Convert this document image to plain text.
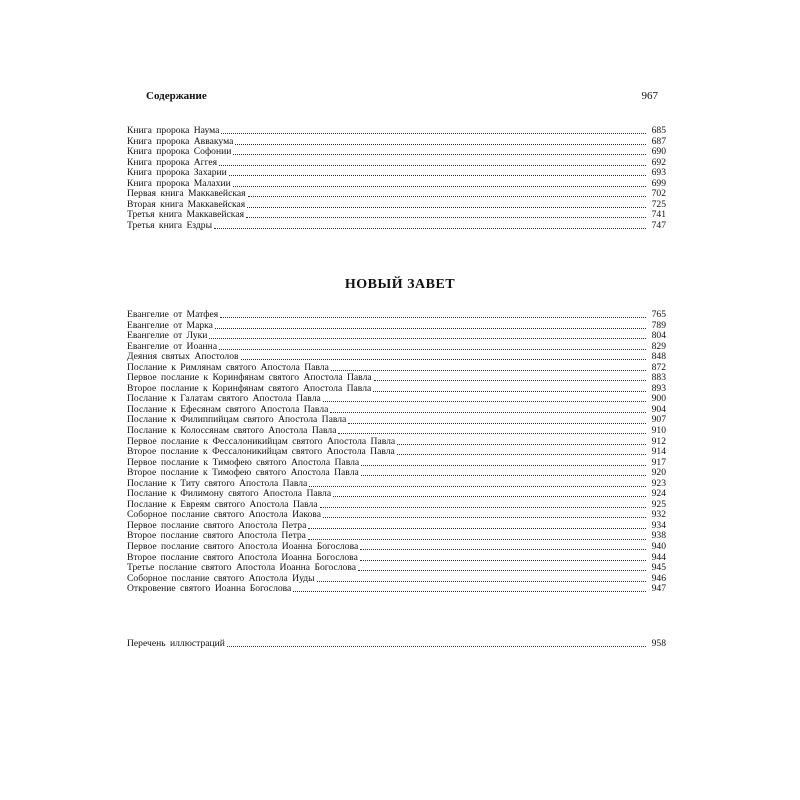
Содержание	967
Книга пророка Наума	685
Книга пророка Аввакума	687
Книга пророка Софонии	690
Книга пророка Аггея	692
Книга пророка Захарии	693
Книга пророка Малахии	699
Первая книга Маккавейская	702
Вторая книга Маккавейская	725
Третья книга Маккавейская	741
Третья книга Ездры	747
НОВЫЙ ЗАВЕТ
Евангелие от Матфея	765
Евангелие от Марка	789
Евангелие от Луки	804
Евангелие от Иоанна	829
Деяния святых Апостолов	848
Послание к Римлянам святого Апостола Павла	872
Первое послание к Коринфянам святого Апостола Павла	883
Второе послание к Коринфянам святого Апостола Павла	893
Послание к Галатам святого Апостола Павла	900
Послание к Ефесянам святого Апостола Павла	904
Послание к Филиппийцам святого Апостола Павла	907
Послание к Колоссянам святого Апостола Павла	910
Первое послание к Фессалоникийцам святого Апостола Павла	912
Второе послание к Фессалоникийцам святого Апостола Павла	914
Первое послание к Тимофею святого Апостола Павла	917
Второе послание к Тимофею святого Апостола Павла	920
Послание к Титу святого Апостола Павла	923
Послание к Филимону святого Апостола Павла	924
Послание к Евреям святого Апостола Павла	925
Соборное послание святого Апостола Иакова	932
Первое послание святого Апостола Петра	934
Второе послание святого Апостола Петра	938
Первое послание святого Апостола Иоанна Богослова	940
Второе послание святого Апостола Иоанна Богослова	944
Третье послание святого Апостола Иоанна Богослова	945
Соборное послание святого Апостола Иуды	946
Откровение святого Иоанна Богослова	947
Перечень иллюстраций	958
